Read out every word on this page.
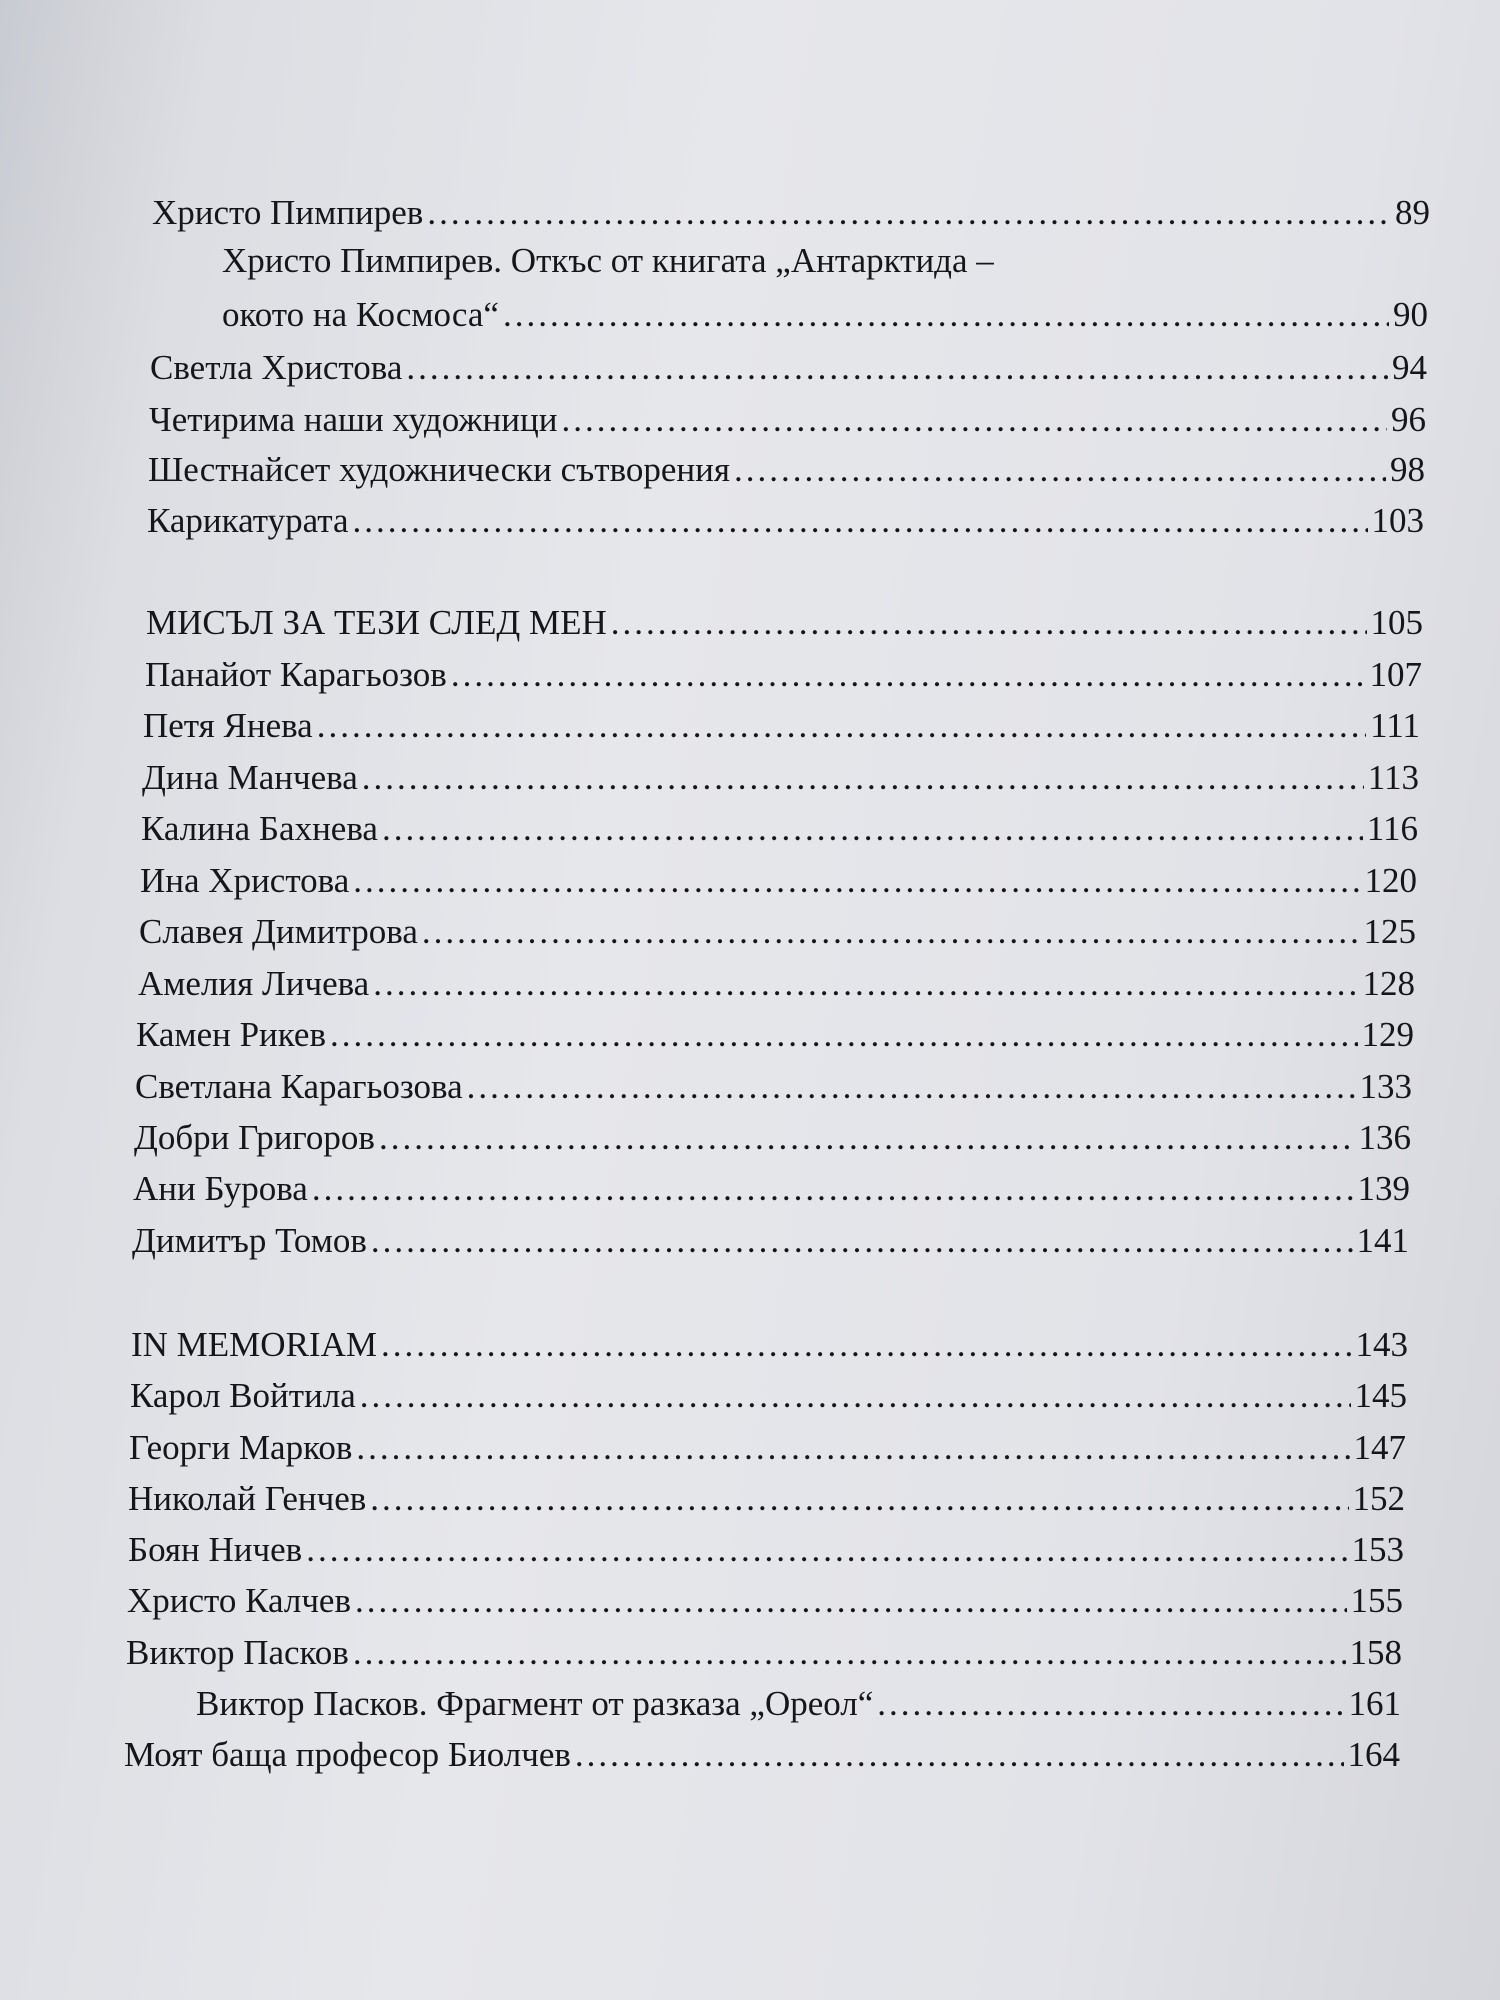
Христо Пимпирев .....	89
Христо Пимпирев. Откъс от книгата „Антарктида –
окото на Космоса“ .....	90
Светла Христова .....	94
Четирима наши художници .....	96
Шестнайсет художнически сътворения .....	98
Карикатурата .....	103
МИСЪЛ ЗА ТЕЗИ СЛЕД МЕН .....	105
Панайот Карагьозов .....	107
Петя Янева .....	111
Дина Манчева .....	113
Калина Бахнева .....	116
Ина Христова .....	120
Славея Димитрова .....	125
Амелия Личева .....	128
Камен Рикев .....	129
Светлана Карагьозова .....	133
Добри Григоров .....	136
Ани Бурова .....	139
Димитър Томов .....	141
IN MEMORIAM .....	143
Карол Войтила .....	145
Георги Марков .....	147
Николай Генчев .....	152
Боян Ничев .....	153
Христо Калчев .....	155
Виктор Пасков .....	158
Виктор Пасков. Фрагмент от разказа „Ореол“ .....	161
Моят баща професор Биолчев .....	164
